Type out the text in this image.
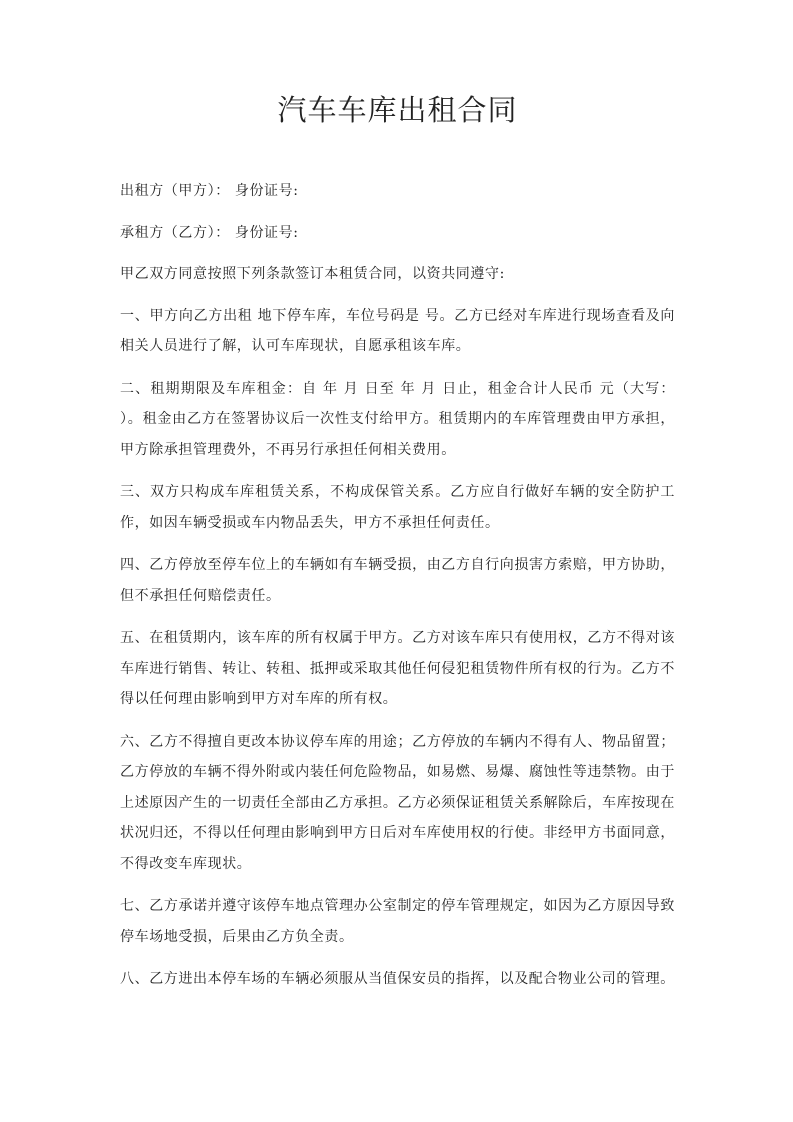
汽车车库出租合同

出租方（甲方）： 身份证号:

承租方（乙方）： 身份证号:

甲乙双方同意按照下列条款签订本租赁合同，以资共同遵守:

一、甲方向乙方出租 地下停车库，车位号码是 号。乙方已经对车库进行现场查看及向相关人员进行了解，认可车库现状，自愿承租该车库。

二、租期期限及车库租金：自 年 月 日至 年 月 日止，租金合计人民币 元（大写： ）。租金由乙方在签署协议后一次性支付给甲方。租赁期内的车库管理费由甲方承担，甲方除承担管理费外，不再另行承担任何相关费用。

三、双方只构成车库租赁关系，不构成保管关系。乙方应自行做好车辆的安全防护工作，如因车辆受损或车内物品丢失，甲方不承担任何责任。

四、乙方停放至停车位上的车辆如有车辆受损，由乙方自行向损害方索赔，甲方协助，但不承担任何赔偿责任。

五、在租赁期内，该车库的所有权属于甲方。乙方对该车库只有使用权，乙方不得对该车库进行销售、转让、转租、抵押或采取其他任何侵犯租赁物件所有权的行为。乙方不得以任何理由影响到甲方对车库的所有权。

六、乙方不得擅自更改本协议停车库的用途；乙方停放的车辆内不得有人、物品留置；乙方停放的车辆不得外附或内装任何危险物品，如易燃、易爆、腐蚀性等违禁物。由于上述原因产生的一切责任全部由乙方承担。乙方必须保证租赁关系解除后，车库按现在状况归还，不得以任何理由影响到甲方日后对车库使用权的行使。非经甲方书面同意，不得改变车库现状。

七、乙方承诺并遵守该停车地点管理办公室制定的停车管理规定，如因为乙方原因导致停车场地受损，后果由乙方负全责。

八、乙方进出本停车场的车辆必须服从当值保安员的指挥，以及配合物业公司的管理。
